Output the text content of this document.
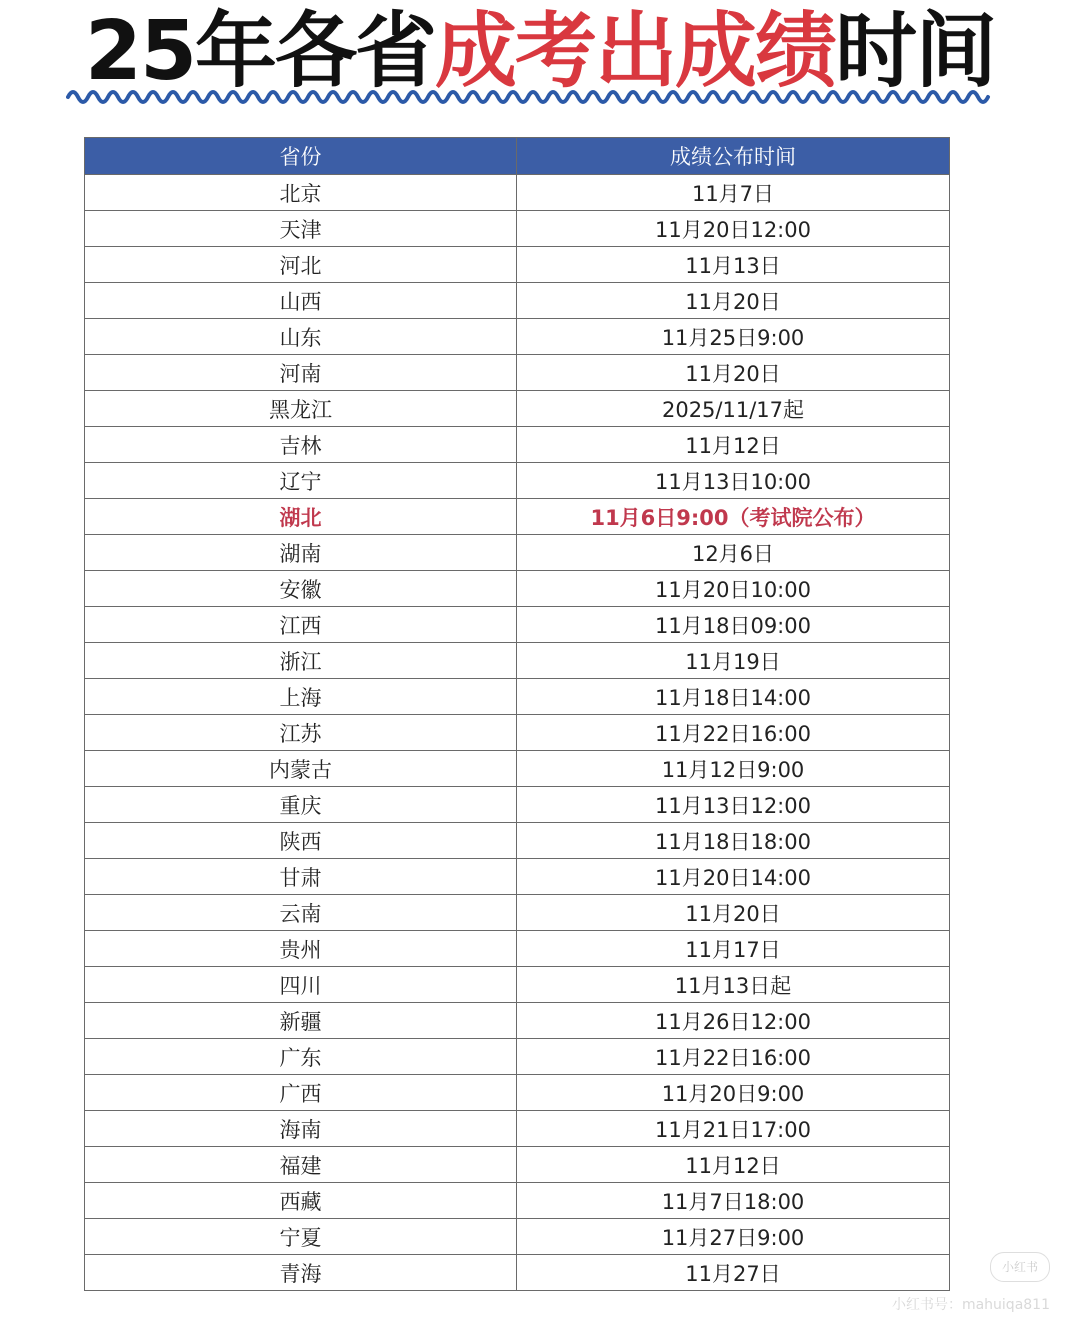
25年各省成考出成绩时间
省份	成绩公布时间
北京	11月7日
天津	11月20日12:00
河北	11月13日
山西	11月20日
山东	11月25日9:00
河南	11月20日
黑龙江	2025/11/17起
吉林	11月12日
辽宁	11月13日10:00
湖北	11月6日9:00（考试院公布）
湖南	12月6日
安徽	11月20日10:00
江西	11月18日09:00
浙江	11月19日
上海	11月18日14:00
江苏	11月22日16:00
内蒙古	11月12日9:00
重庆	11月13日12:00
陕西	11月18日18:00
甘肃	11月20日14:00
云南	11月20日
贵州	11月17日
四川	11月13日起
新疆	11月26日12:00
广东	11月22日16:00
广西	11月20日9:00
海南	11月21日17:00
福建	11月12日
西藏	11月7日18:00
宁夏	11月27日9:00
青海	11月27日	小红书
小红书号：mahuiqa811
